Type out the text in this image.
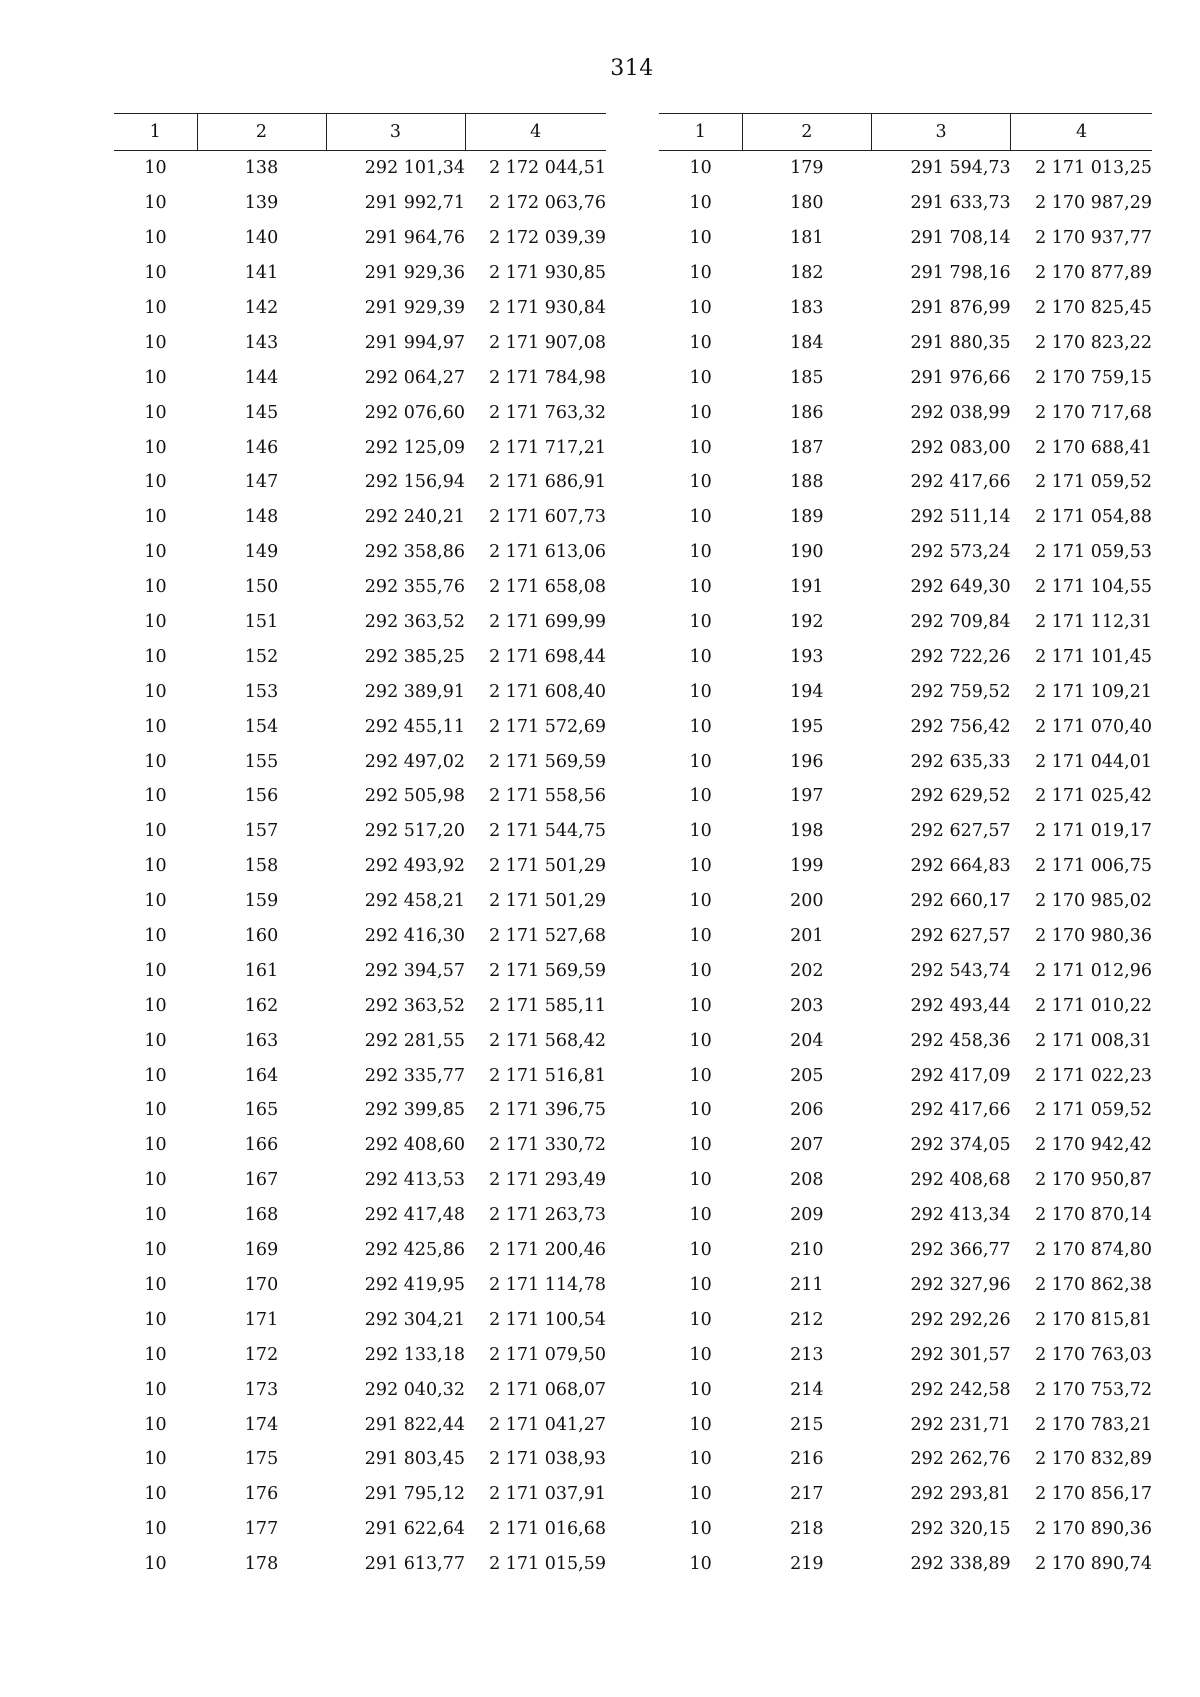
314
1	2	3	4
10	138	292 101,34	2 172 044,51
10	139	291 992,71	2 172 063,76
10	140	291 964,76	2 172 039,39
10	141	291 929,36	2 171 930,85
10	142	291 929,39	2 171 930,84
10	143	291 994,97	2 171 907,08
10	144	292 064,27	2 171 784,98
10	145	292 076,60	2 171 763,32
10	146	292 125,09	2 171 717,21
10	147	292 156,94	2 171 686,91
10	148	292 240,21	2 171 607,73
10	149	292 358,86	2 171 613,06
10	150	292 355,76	2 171 658,08
10	151	292 363,52	2 171 699,99
10	152	292 385,25	2 171 698,44
10	153	292 389,91	2 171 608,40
10	154	292 455,11	2 171 572,69
10	155	292 497,02	2 171 569,59
10	156	292 505,98	2 171 558,56
10	157	292 517,20	2 171 544,75
10	158	292 493,92	2 171 501,29
10	159	292 458,21	2 171 501,29
10	160	292 416,30	2 171 527,68
10	161	292 394,57	2 171 569,59
10	162	292 363,52	2 171 585,11
10	163	292 281,55	2 171 568,42
10	164	292 335,77	2 171 516,81
10	165	292 399,85	2 171 396,75
10	166	292 408,60	2 171 330,72
10	167	292 413,53	2 171 293,49
10	168	292 417,48	2 171 263,73
10	169	292 425,86	2 171 200,46
10	170	292 419,95	2 171 114,78
10	171	292 304,21	2 171 100,54
10	172	292 133,18	2 171 079,50
10	173	292 040,32	2 171 068,07
10	174	291 822,44	2 171 041,27
10	175	291 803,45	2 171 038,93
10	176	291 795,12	2 171 037,91
10	177	291 622,64	2 171 016,68
10	178	291 613,77	2 171 015,59
1	2	3	4
10	179	291 594,73	2 171 013,25
10	180	291 633,73	2 170 987,29
10	181	291 708,14	2 170 937,77
10	182	291 798,16	2 170 877,89
10	183	291 876,99	2 170 825,45
10	184	291 880,35	2 170 823,22
10	185	291 976,66	2 170 759,15
10	186	292 038,99	2 170 717,68
10	187	292 083,00	2 170 688,41
10	188	292 417,66	2 171 059,52
10	189	292 511,14	2 171 054,88
10	190	292 573,24	2 171 059,53
10	191	292 649,30	2 171 104,55
10	192	292 709,84	2 171 112,31
10	193	292 722,26	2 171 101,45
10	194	292 759,52	2 171 109,21
10	195	292 756,42	2 171 070,40
10	196	292 635,33	2 171 044,01
10	197	292 629,52	2 171 025,42
10	198	292 627,57	2 171 019,17
10	199	292 664,83	2 171 006,75
10	200	292 660,17	2 170 985,02
10	201	292 627,57	2 170 980,36
10	202	292 543,74	2 171 012,96
10	203	292 493,44	2 171 010,22
10	204	292 458,36	2 171 008,31
10	205	292 417,09	2 171 022,23
10	206	292 417,66	2 171 059,52
10	207	292 374,05	2 170 942,42
10	208	292 408,68	2 170 950,87
10	209	292 413,34	2 170 870,14
10	210	292 366,77	2 170 874,80
10	211	292 327,96	2 170 862,38
10	212	292 292,26	2 170 815,81
10	213	292 301,57	2 170 763,03
10	214	292 242,58	2 170 753,72
10	215	292 231,71	2 170 783,21
10	216	292 262,76	2 170 832,89
10	217	292 293,81	2 170 856,17
10	218	292 320,15	2 170 890,36
10	219	292 338,89	2 170 890,74
